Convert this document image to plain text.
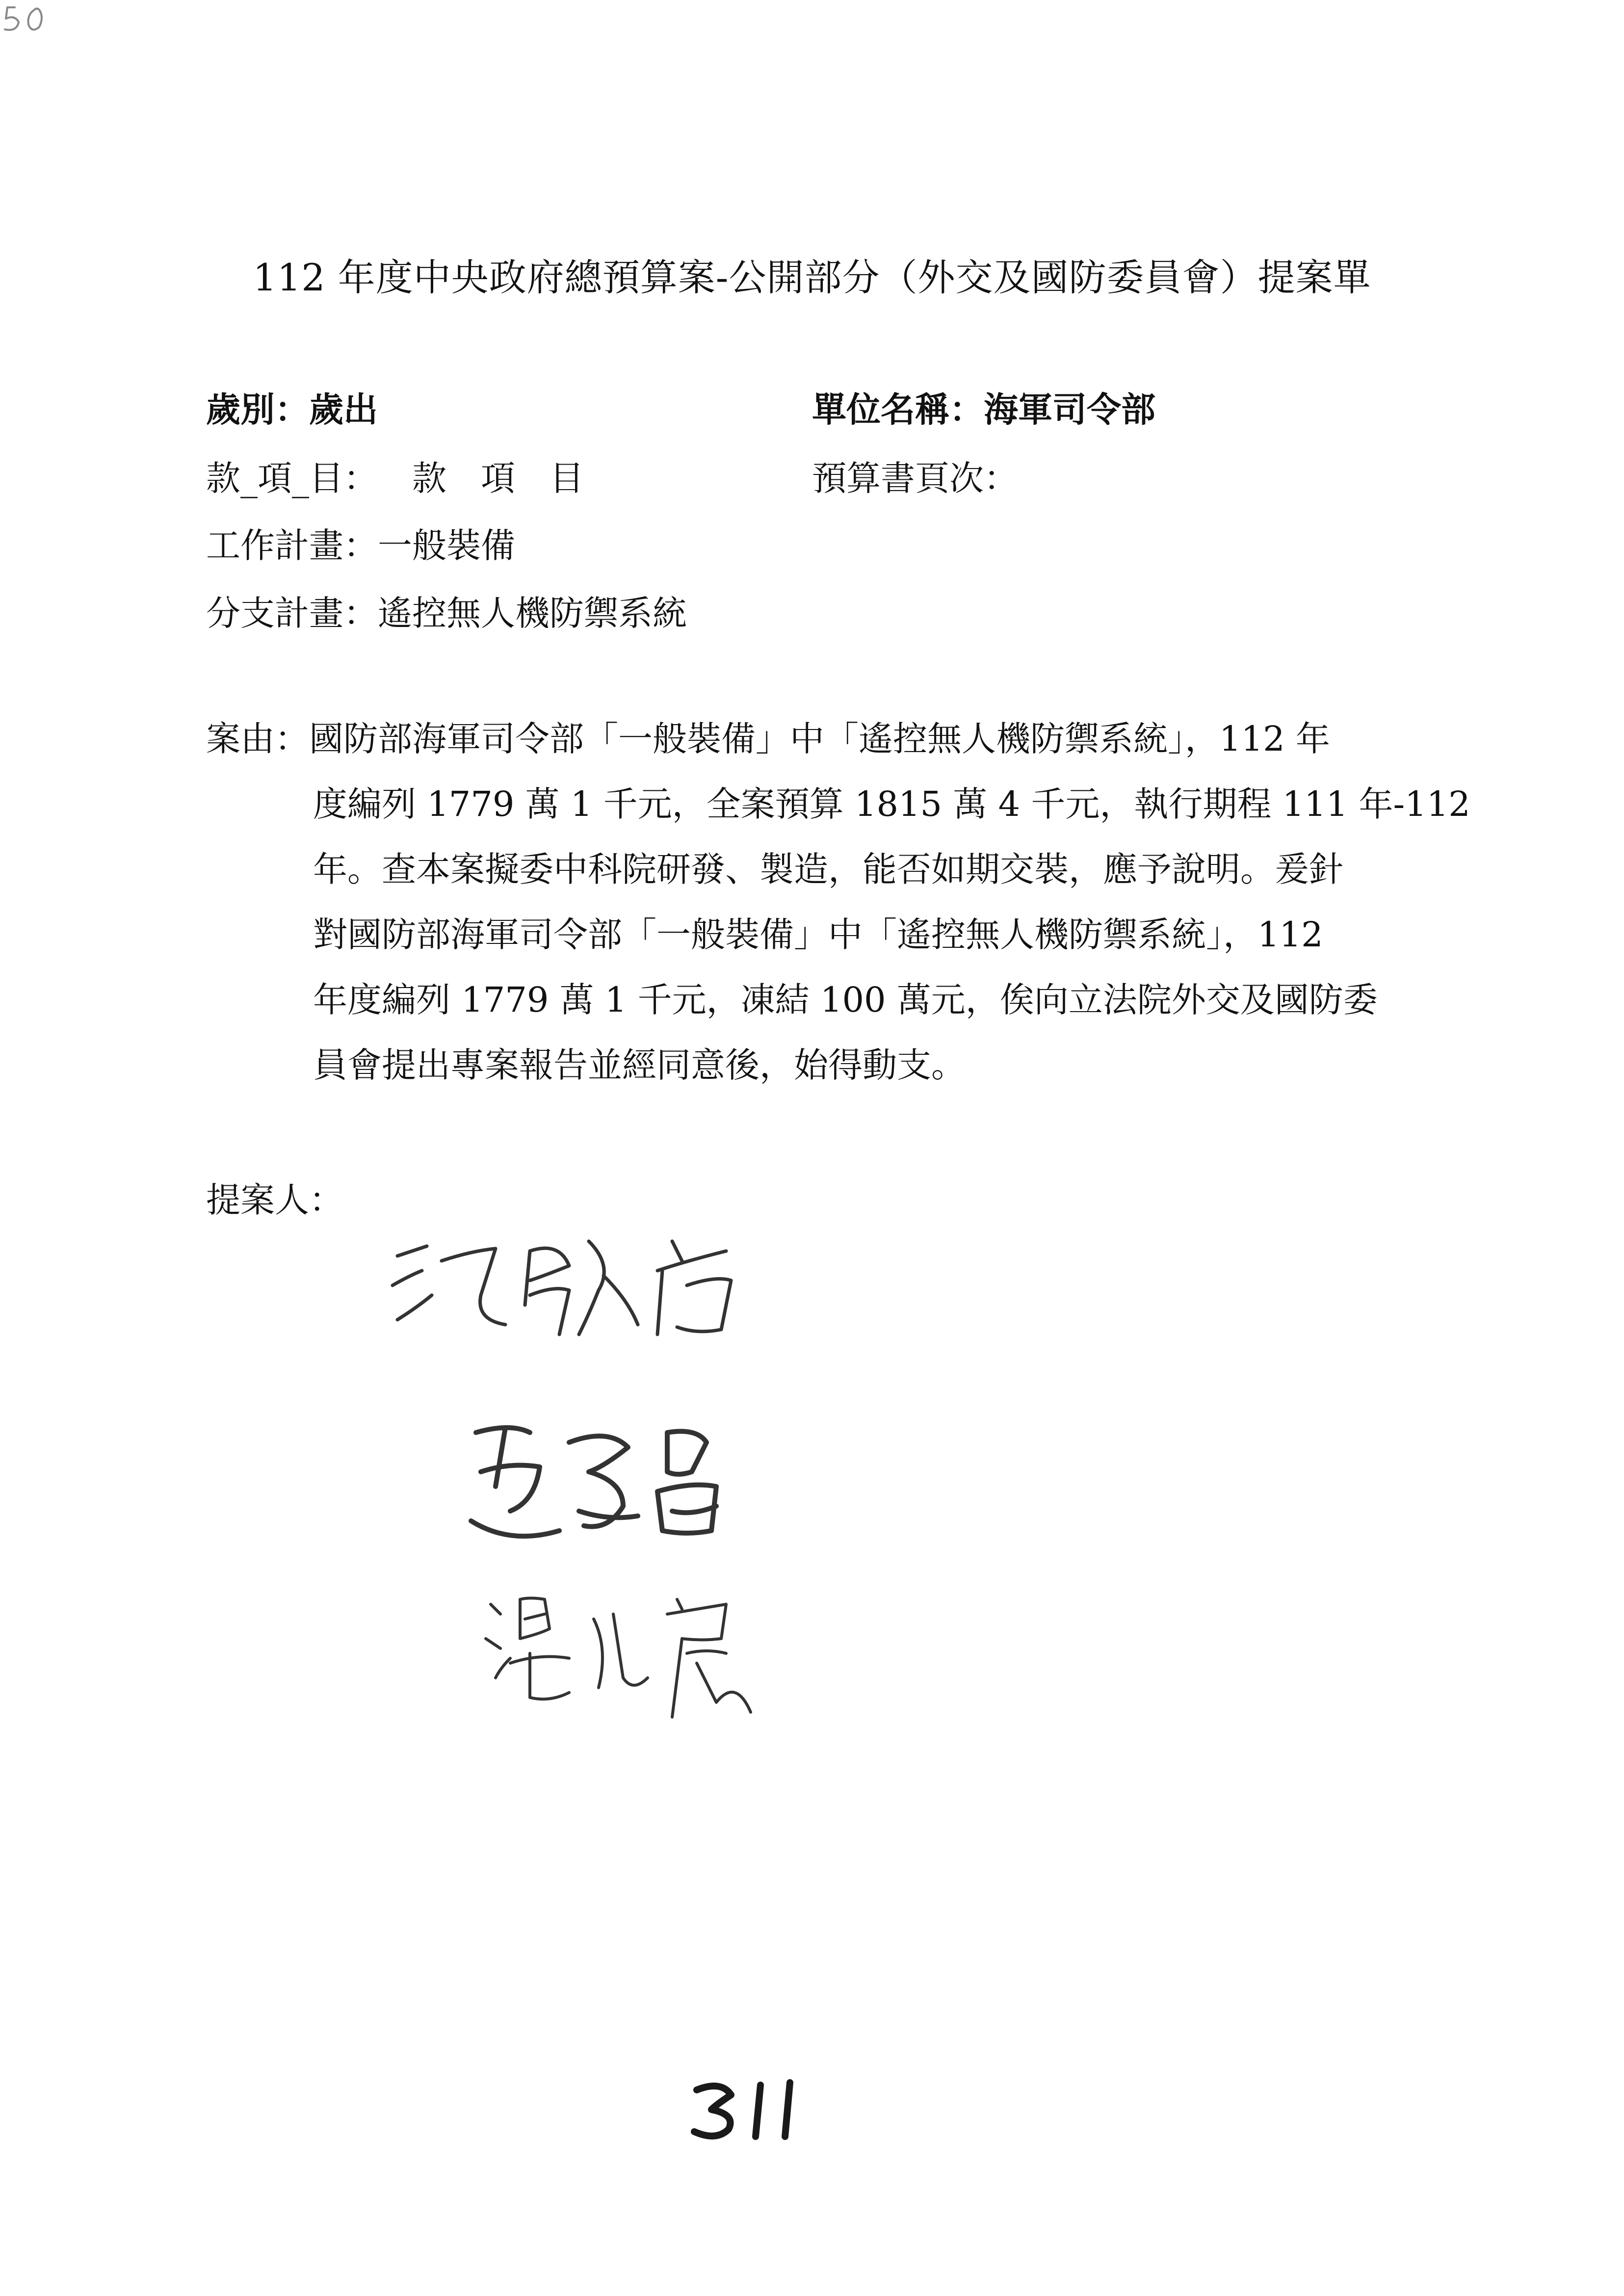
112 年度中央政府總預算案-公開部分（外交及國防委員會）提案單
歲別：歲出	單位名稱：海軍司令部
款_項_目： 款　項　目	預算書頁次：
工作計畫：一般裝備
分支計畫：遙控無人機防禦系統
案由：國防部海軍司令部「一般裝備」中「遙控無人機防禦系統」，112 年
度編列 1779 萬 1 千元，全案預算 1815 萬 4 千元，執行期程 111 年-112
年。查本案擬委中科院研發、製造，能否如期交裝，應予說明。爰針
對國防部海軍司令部「一般裝備」中「遙控無人機防禦系統」，112
年度編列 1779 萬 1 千元，凍結 100 萬元，俟向立法院外交及國防委
員會提出專案報告並經同意後，始得動支。
提案人：
